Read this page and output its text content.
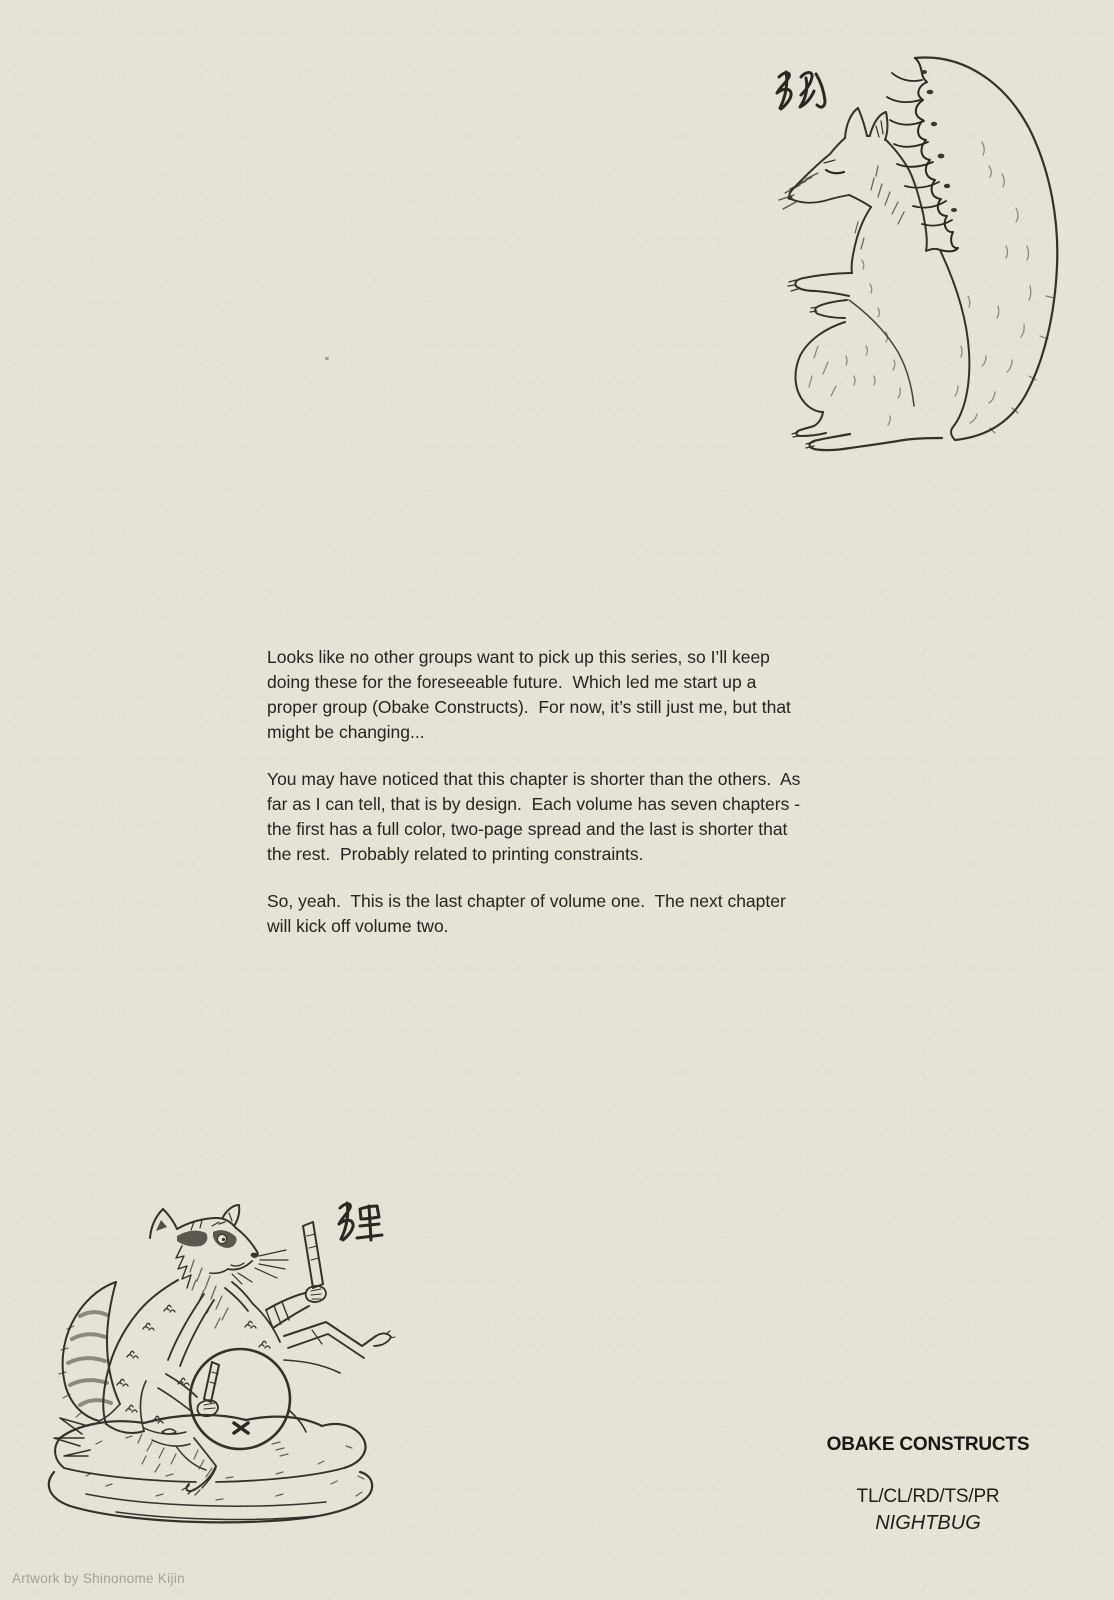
Looks like no other groups want to pick up this series, so I’ll keep
doing these for the foreseeable future.  Which led me start up a
proper group (Obake Constructs).  For now, it’s still just me, but that
might be changing...
You may have noticed that this chapter is shorter than the others.  As
far as I can tell, that is by design.  Each volume has seven chapters -
the first has a full color, two-page spread and the last is shorter that
the rest.  Probably related to printing constraints.
So, yeah.  This is the last chapter of volume one.  The next chapter
will kick off volume two.
OBAKE CONSTRUCTS
TL/CL/RD/TS/PR
NIGHTBUG
Artwork by Shinonome Kijin
